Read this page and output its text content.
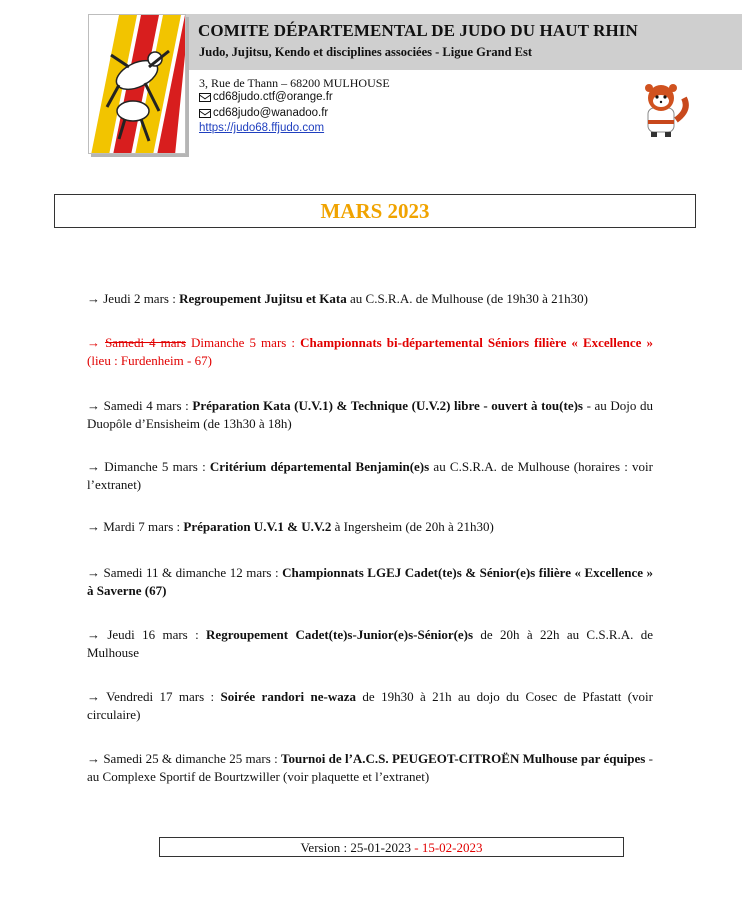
COMITE DÉPARTEMENTAL DE JUDO DU HAUT RHIN
Judo, Jujitsu, Kendo et disciplines associées - Ligue Grand Est
3, Rue de Thann – 68200 MULHOUSE
cd68judo.ctf@orange.fr
cd68judo@wanadoo.fr
https://judo68.ffjudo.com
MARS 2023
→ Jeudi 2 mars : Regroupement Jujitsu et Kata au C.S.R.A. de Mulhouse (de 19h30 à 21h30)
→ Samedi 4 mars Dimanche 5 mars : Championnats bi-départemental Séniors filière « Excellence » (lieu : Furdenheim - 67)
→ Samedi 4 mars : Préparation Kata (U.V.1) & Technique (U.V.2) libre - ouvert à tou(te)s - au Dojo du Duopôle d’Ensisheim (de 13h30 à 18h)
→ Dimanche 5 mars : Critérium départemental Benjamin(e)s au C.S.R.A. de Mulhouse (horaires : voir l’extranet)
→ Mardi 7 mars : Préparation U.V.1 & U.V.2 à Ingersheim (de 20h à 21h30)
→ Samedi 11 & dimanche 12 mars : Championnats LGEJ Cadet(te)s & Sénior(e)s filière « Excellence » à Saverne (67)
→ Jeudi 16 mars : Regroupement Cadet(te)s-Junior(e)s-Sénior(e)s de 20h à 22h au C.S.R.A. de Mulhouse
→ Vendredi 17 mars : Soirée randori ne-waza de 19h30 à 21h au dojo du Cosec de Pfastatt (voir circulaire)
→ Samedi 25 & dimanche 25 mars : Tournoi de l’A.C.S. PEUGEOT-CITROËN Mulhouse par équipes - au Complexe Sportif de Bourtzwiller (voir plaquette et l’extranet)
Version : 25-01-2023 - 15-02-2023
